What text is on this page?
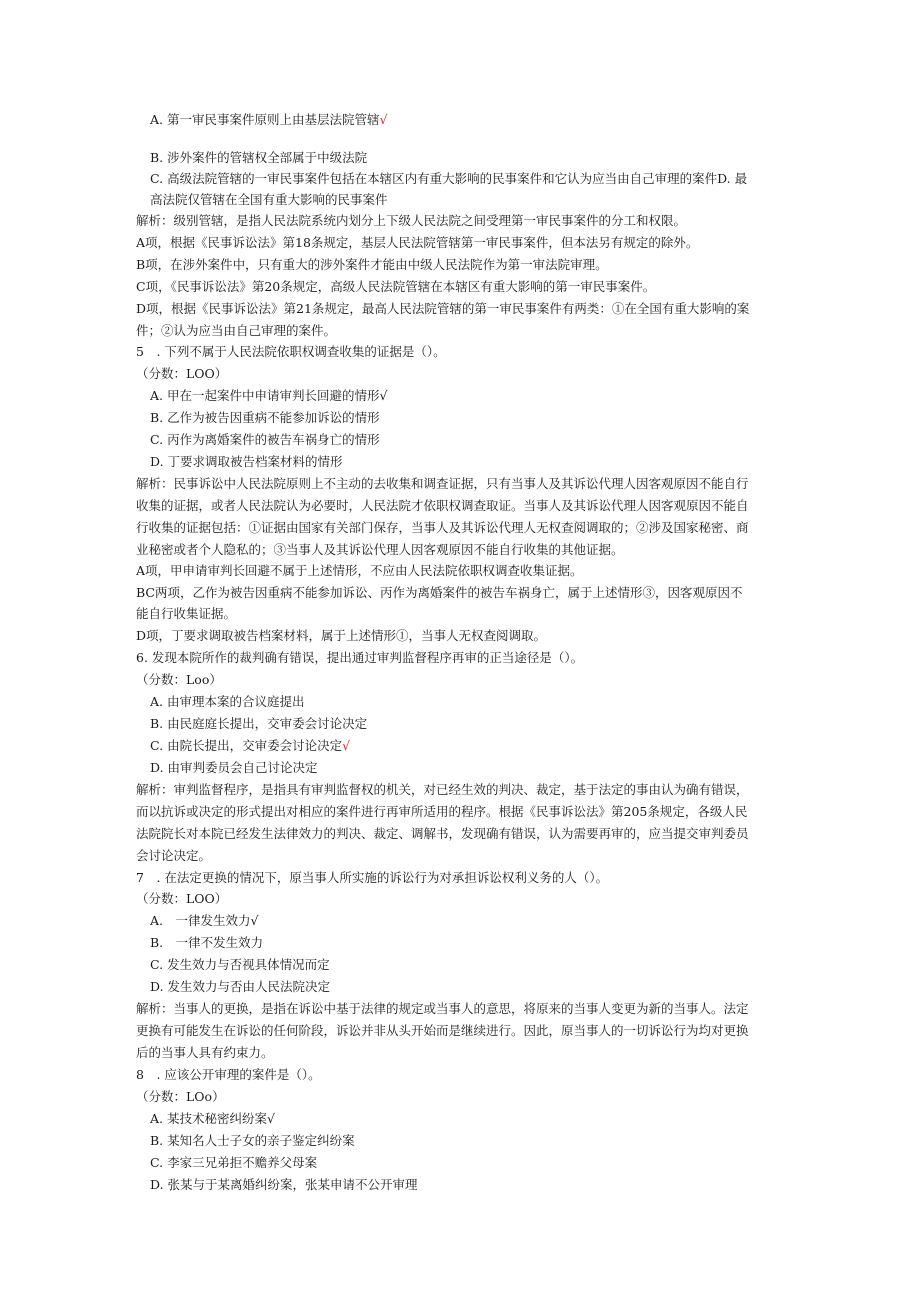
A. 第一审民事案件原则上由基层法院管辖√
B. 涉外案件的管辖权全部属于中级法院
C. 高级法院管辖的一审民事案件包括在本辖区内有重大影响的民事案件和它认为应当由自己审理的案件D. 最
高法院仅管辖在全国有重大影响的民事案件
解析：级别管辖，是指人民法院系统内划分上下级人民法院之间受理第一审民事案件的分工和权限。
A项，根据《民事诉讼法》第18条规定，基层人民法院管辖第一审民事案件，但本法另有规定的除外。
B项，在涉外案件中，只有重大的涉外案件才能由中级人民法院作为第一审法院审理。
C项，《民事诉讼法》第20条规定，高级人民法院管辖在本辖区有重大影响的第一审民事案件。
D项，根据《民事诉讼法》第21条规定，最高人民法院管辖的第一审民事案件有两类：①在全国有重大影响的案
件；②认为应当由自己审理的案件。
5　. 下列不属于人民法院依职权调查收集的证据是（）。
（分数：LOO）
A. 甲在一起案件中申请审判长回避的情形√
B. 乙作为被告因重病不能参加诉讼的情形
C. 丙作为离婚案件的被告车祸身亡的情形
D. 丁要求调取被告档案材料的情形
解析：民事诉讼中人民法院原则上不主动的去收集和调查证据，只有当事人及其诉讼代理人因客观原因不能自行
收集的证据，或者人民法院认为必要时，人民法院才依职权调查取证。当事人及其诉讼代理人因客观原因不能自
行收集的证据包括：①证据由国家有关部门保存，当事人及其诉讼代理人无权查阅调取的；②涉及国家秘密、商
业秘密或者个人隐私的；③当事人及其诉讼代理人因客观原因不能自行收集的其他证据。
A项，甲申请审判长回避不属于上述情形，不应由人民法院依职权调查收集证据。
BC两项，乙作为被告因重病不能参加诉讼、丙作为离婚案件的被告车祸身亡，属于上述情形③，因客观原因不
能自行收集证据。
D项，丁要求调取被告档案材料，属于上述情形①，当事人无权查阅调取。
6. 发现本院所作的裁判确有错误，提出通过审判监督程序再审的正当途径是（）。
（分数：Loo）
A. 由审理本案的合议庭提出
B. 由民庭庭长提出，交审委会讨论决定
C. 由院长提出，交审委会讨论决定√
D. 由审判委员会自己讨论决定
解析：审判监督程序，是指具有审判监督权的机关，对已经生效的判决、裁定，基于法定的事由认为确有错误，
而以抗诉或决定的形式提出对相应的案件进行再审所适用的程序。根据《民事诉讼法》第205条规定，各级人民
法院院长对本院已经发生法律效力的判决、裁定、调解书，发现确有错误，认为需要再审的，应当提交审判委员
会讨论决定。
7　. 在法定更换的情况下，原当事人所实施的诉讼行为对承担诉讼权利义务的人（）。
（分数：LOO）
A.　一律发生效力√
B.　一律不发生效力
C. 发生效力与否视具体情况而定
D. 发生效力与否由人民法院决定
解析：当事人的更换，是指在诉讼中基于法律的规定或当事人的意思，将原来的当事人变更为新的当事人。法定
更换有可能发生在诉讼的任何阶段，诉讼并非从头开始而是继续进行。因此，原当事人的一切诉讼行为均对更换
后的当事人具有约束力。
8　. 应该公开审理的案件是（）。
（分数：LOo）
A. 某技术秘密纠纷案√
B. 某知名人士子女的亲子鉴定纠纷案
C. 李家三兄弟拒不赡养父母案
D. 张某与于某离婚纠纷案，张某申请不公开审理
